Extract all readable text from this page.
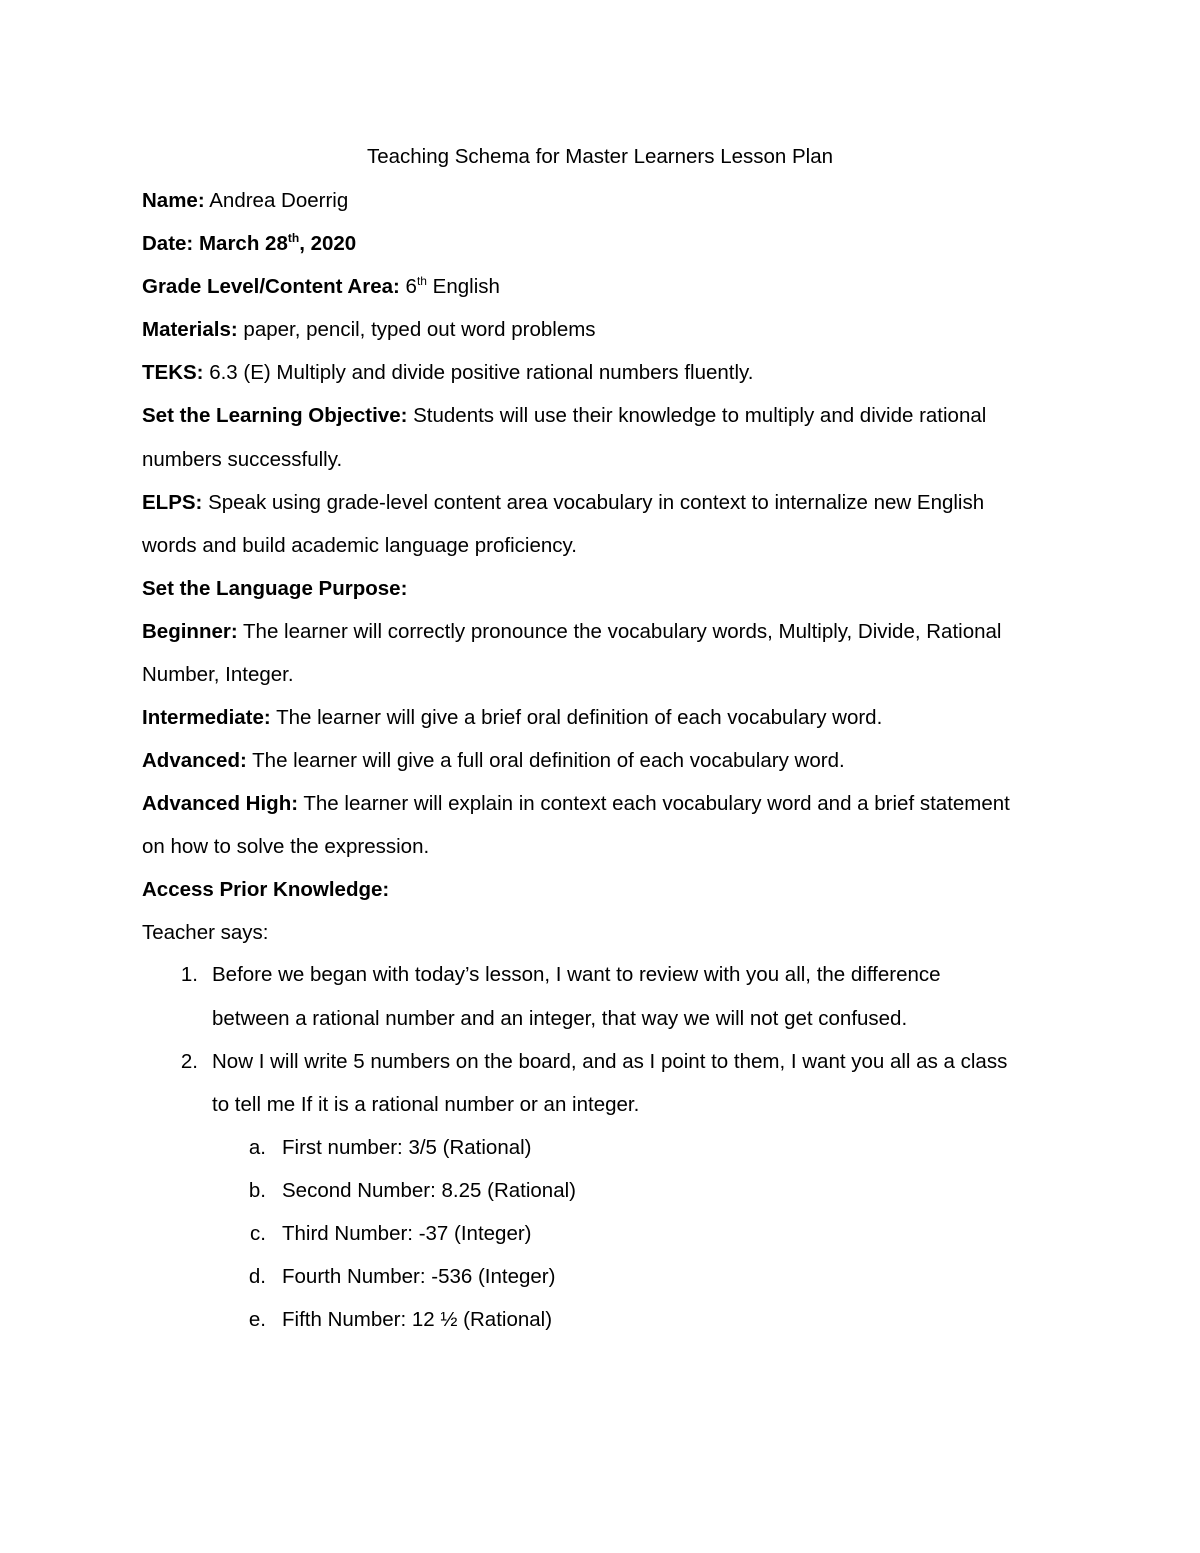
Teaching Schema for Master Learners Lesson Plan
Name: Andrea Doerrig
Date: March 28th, 2020
Grade Level/Content Area: 6th English
Materials: paper, pencil, typed out word problems
TEKS: 6.3 (E) Multiply and divide positive rational numbers fluently.
Set the Learning Objective: Students will use their knowledge to multiply and divide rational
numbers successfully.
ELPS: Speak using grade-level content area vocabulary in context to internalize new English
words and build academic language proficiency.
Set the Language Purpose:
Beginner: The learner will correctly pronounce the vocabulary words, Multiply, Divide, Rational
Number, Integer.
Intermediate: The learner will give a brief oral definition of each vocabulary word.
Advanced: The learner will give a full oral definition of each vocabulary word.
Advanced High: The learner will explain in context each vocabulary word and a brief statement
on how to solve the expression.
Access Prior Knowledge:
Teacher says:
1. Before we began with today’s lesson, I want to review with you all, the difference
between a rational number and an integer, that way we will not get confused.
2. Now I will write 5 numbers on the board, and as I point to them, I want you all as a class
to tell me If it is a rational number or an integer.
a. First number: 3/5 (Rational)
b. Second Number: 8.25 (Rational)
c. Third Number: -37 (Integer)
d. Fourth Number: -536 (Integer)
e. Fifth Number: 12 ½ (Rational)
